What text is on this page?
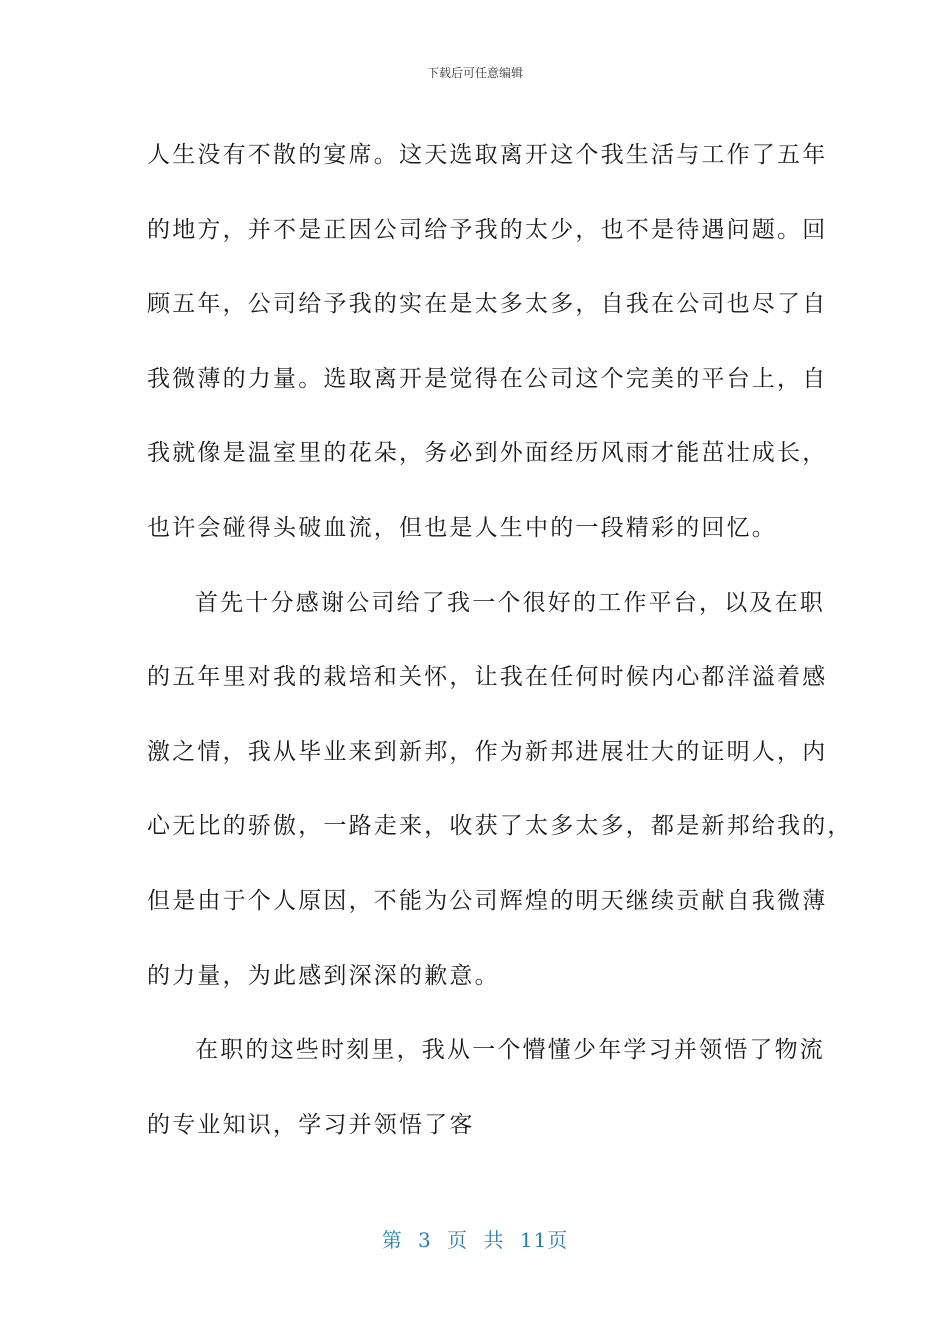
下载后可任意编辑
人生没有不散的宴席。这天选取离开这个我生活与工作了五年
的地方，并不是正因公司给予我的太少，也不是待遇问题。回
顾五年，公司给予我的实在是太多太多，自我在公司也尽了自
我微薄的力量。选取离开是觉得在公司这个完美的平台上，自
我就像是温室里的花朵，务必到外面经历风雨才能茁壮成长，
也许会碰得头破血流，但也是人生中的一段精彩的回忆。
首先十分感谢公司给了我一个很好的工作平台，以及在职
的五年里对我的栽培和关怀，让我在任何时候内心都洋溢着感
激之情，我从毕业来到新邦，作为新邦进展壮大的证明人，内
心无比的骄傲，一路走来，收获了太多太多，都是新邦给我的，
但是由于个人原因，不能为公司辉煌的明天继续贡献自我微薄
的力量，为此感到深深的歉意。
在职的这些时刻里，我从一个懵懂少年学习并领悟了物流
的专业知识，学习并领悟了客
第 3 页 共 11页
